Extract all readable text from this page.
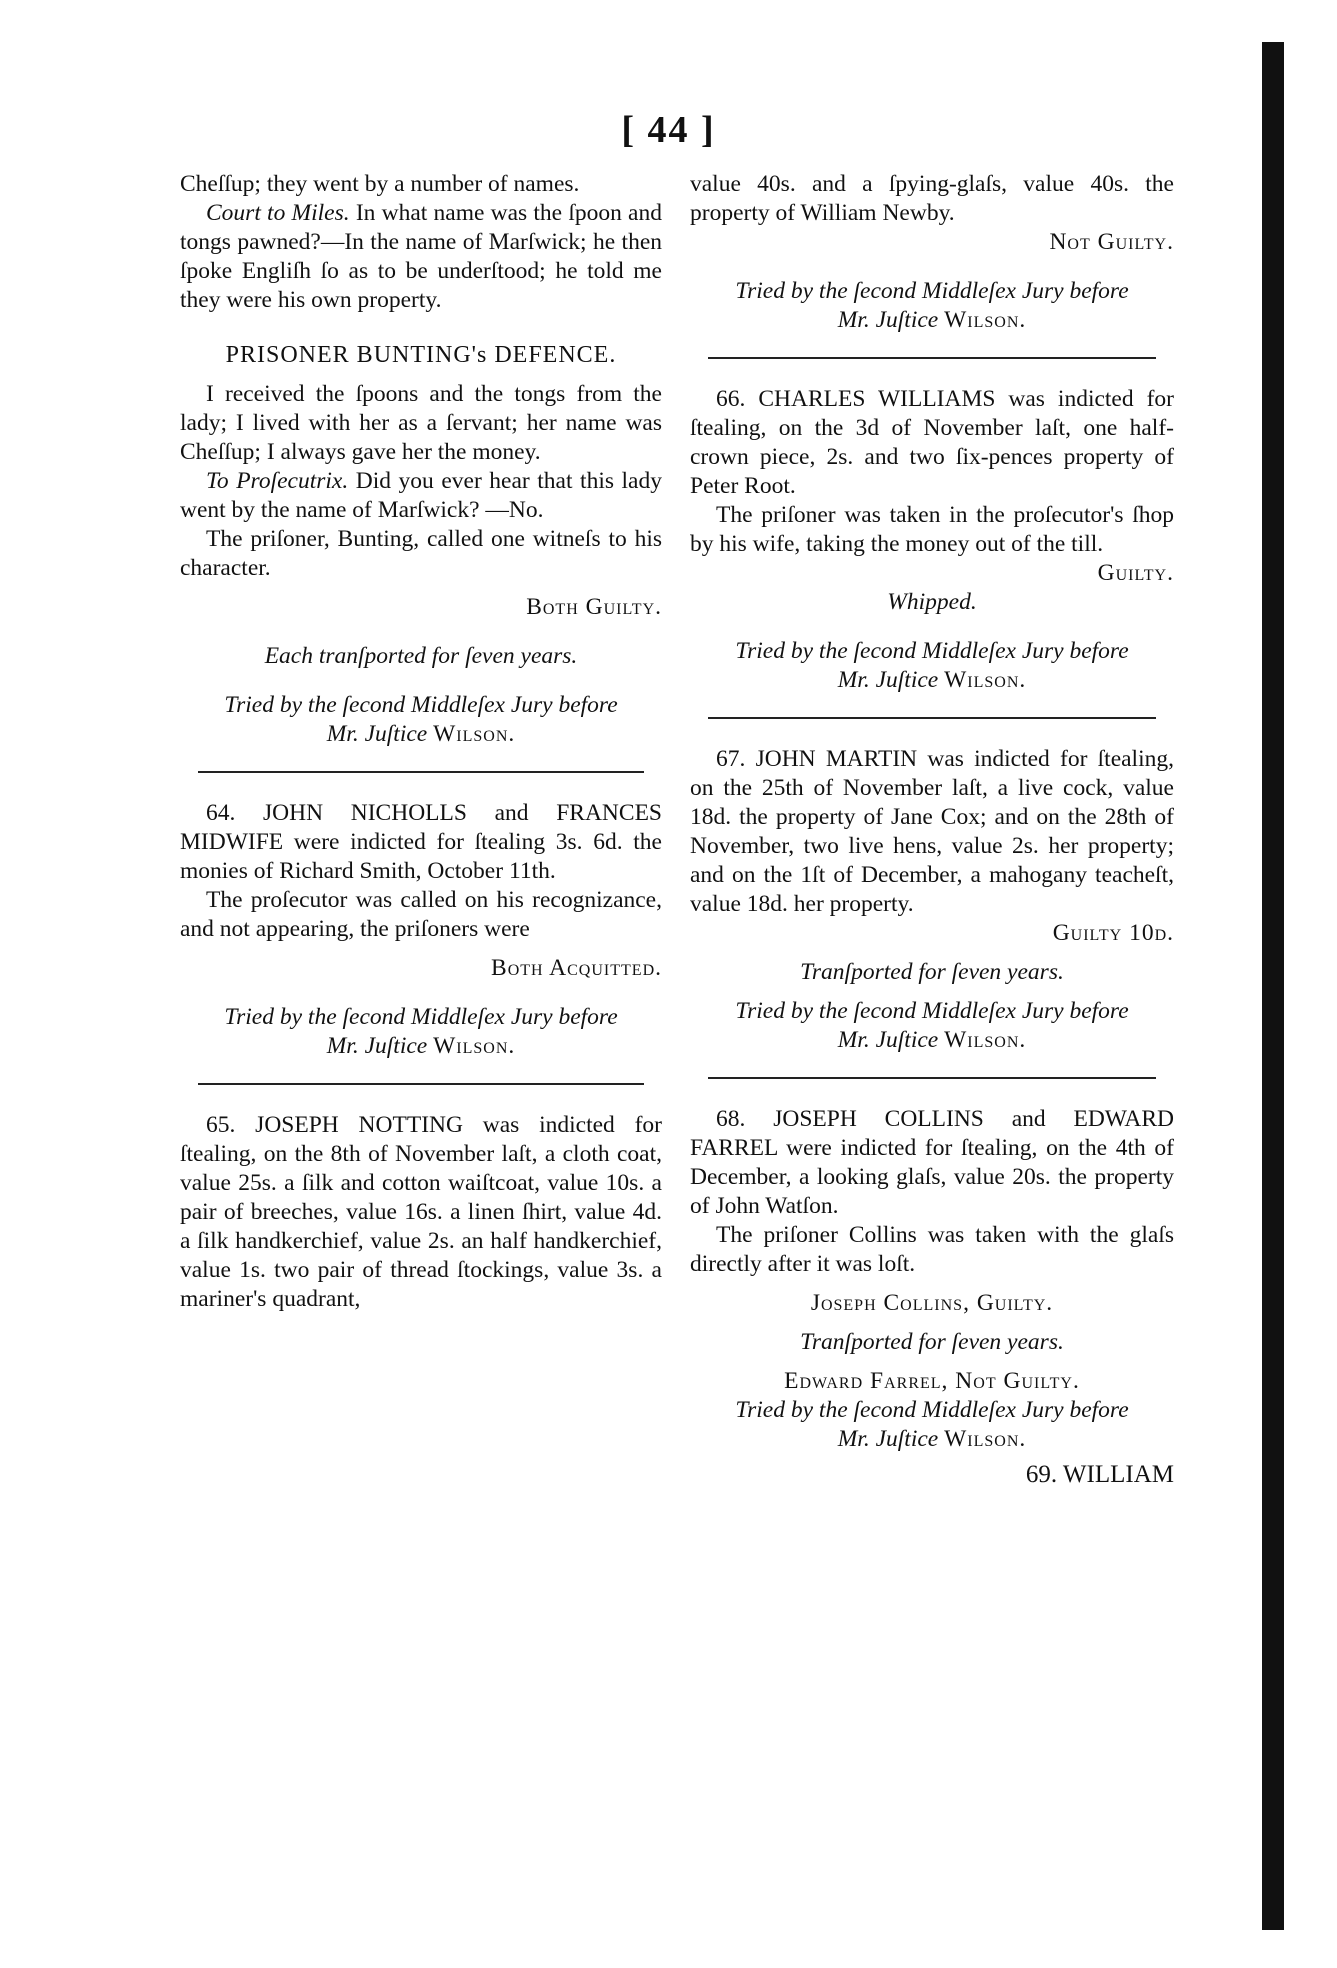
[ 44 ]

Cheſſup; they went by a number of names.

Court to Miles. In what name was the ſpoon and tongs pawned?—In the name of Marſwick; he then ſpoke Engliſh ſo as to be underſtood; he told me they were his own property.

PRISONER BUNTING's DEFENCE.

I received the ſpoons and the tongs from the lady; I lived with her as a ſervant; her name was Cheſſup; I always gave her the money.

To Proſecutrix. Did you ever hear that this lady went by the name of Marſwick? —No.

The priſoner, Bunting, called one witneſs to his character.

Both Guilty.

Each tranſported for ſeven years.

Tried by the ſecond Middleſex Jury before

Mr. Juſtice Wilson.

64. JOHN NICHOLLS and FRANCES MIDWIFE were indicted for ſtealing 3s. 6d. the monies of Richard Smith, October 11th.

The proſecutor was called on his recognizance, and not appearing, the priſoners were

Both Acquitted.

Tried by the ſecond Middleſex Jury before

Mr. Juſtice Wilson.

65. JOSEPH NOTTING was indicted for ſtealing, on the 8th of November laſt, a cloth coat, value 25s. a ſilk and cotton waiſtcoat, value 10s. a pair of breeches, value 16s. a linen ſhirt, value 4d. a ſilk handkerchief, value 2s. an half handkerchief, value 1s. two pair of thread ſtockings, value 3s. a mariner's quadrant,

value 40s. and a ſpying-glaſs, value 40s. the property of William Newby.

Not Guilty.

Tried by the ſecond Middleſex Jury before

Mr. Juſtice Wilson.

66. CHARLES WILLIAMS was indicted for ſtealing, on the 3d of November laſt, one half-crown piece, 2s. and two ſix-pences property of Peter Root.

The priſoner was taken in the proſecutor's ſhop by his wife, taking the money out of the till.

Guilty.

Whipped.

Tried by the ſecond Middleſex Jury before

Mr. Juſtice Wilson.

67. JOHN MARTIN was indicted for ſtealing, on the 25th of November laſt, a live cock, value 18d. the property of Jane Cox; and on the 28th of November, two live hens, value 2s. her property; and on the 1ſt of December, a mahogany teacheſt, value 18d. her property.

Guilty 10d.

Tranſported for ſeven years.

Tried by the ſecond Middleſex Jury before

Mr. Juſtice Wilson.

68. JOSEPH COLLINS and EDWARD FARREL were indicted for ſtealing, on the 4th of December, a looking glaſs, value 20s. the property of John Watſon.

The priſoner Collins was taken with the glaſs directly after it was loſt.

Joseph Collins, Guilty.

Tranſported for ſeven years.

Edward Farrel, Not Guilty.

Tried by the ſecond Middleſex Jury before

Mr. Juſtice Wilson.

69. WILLIAM
